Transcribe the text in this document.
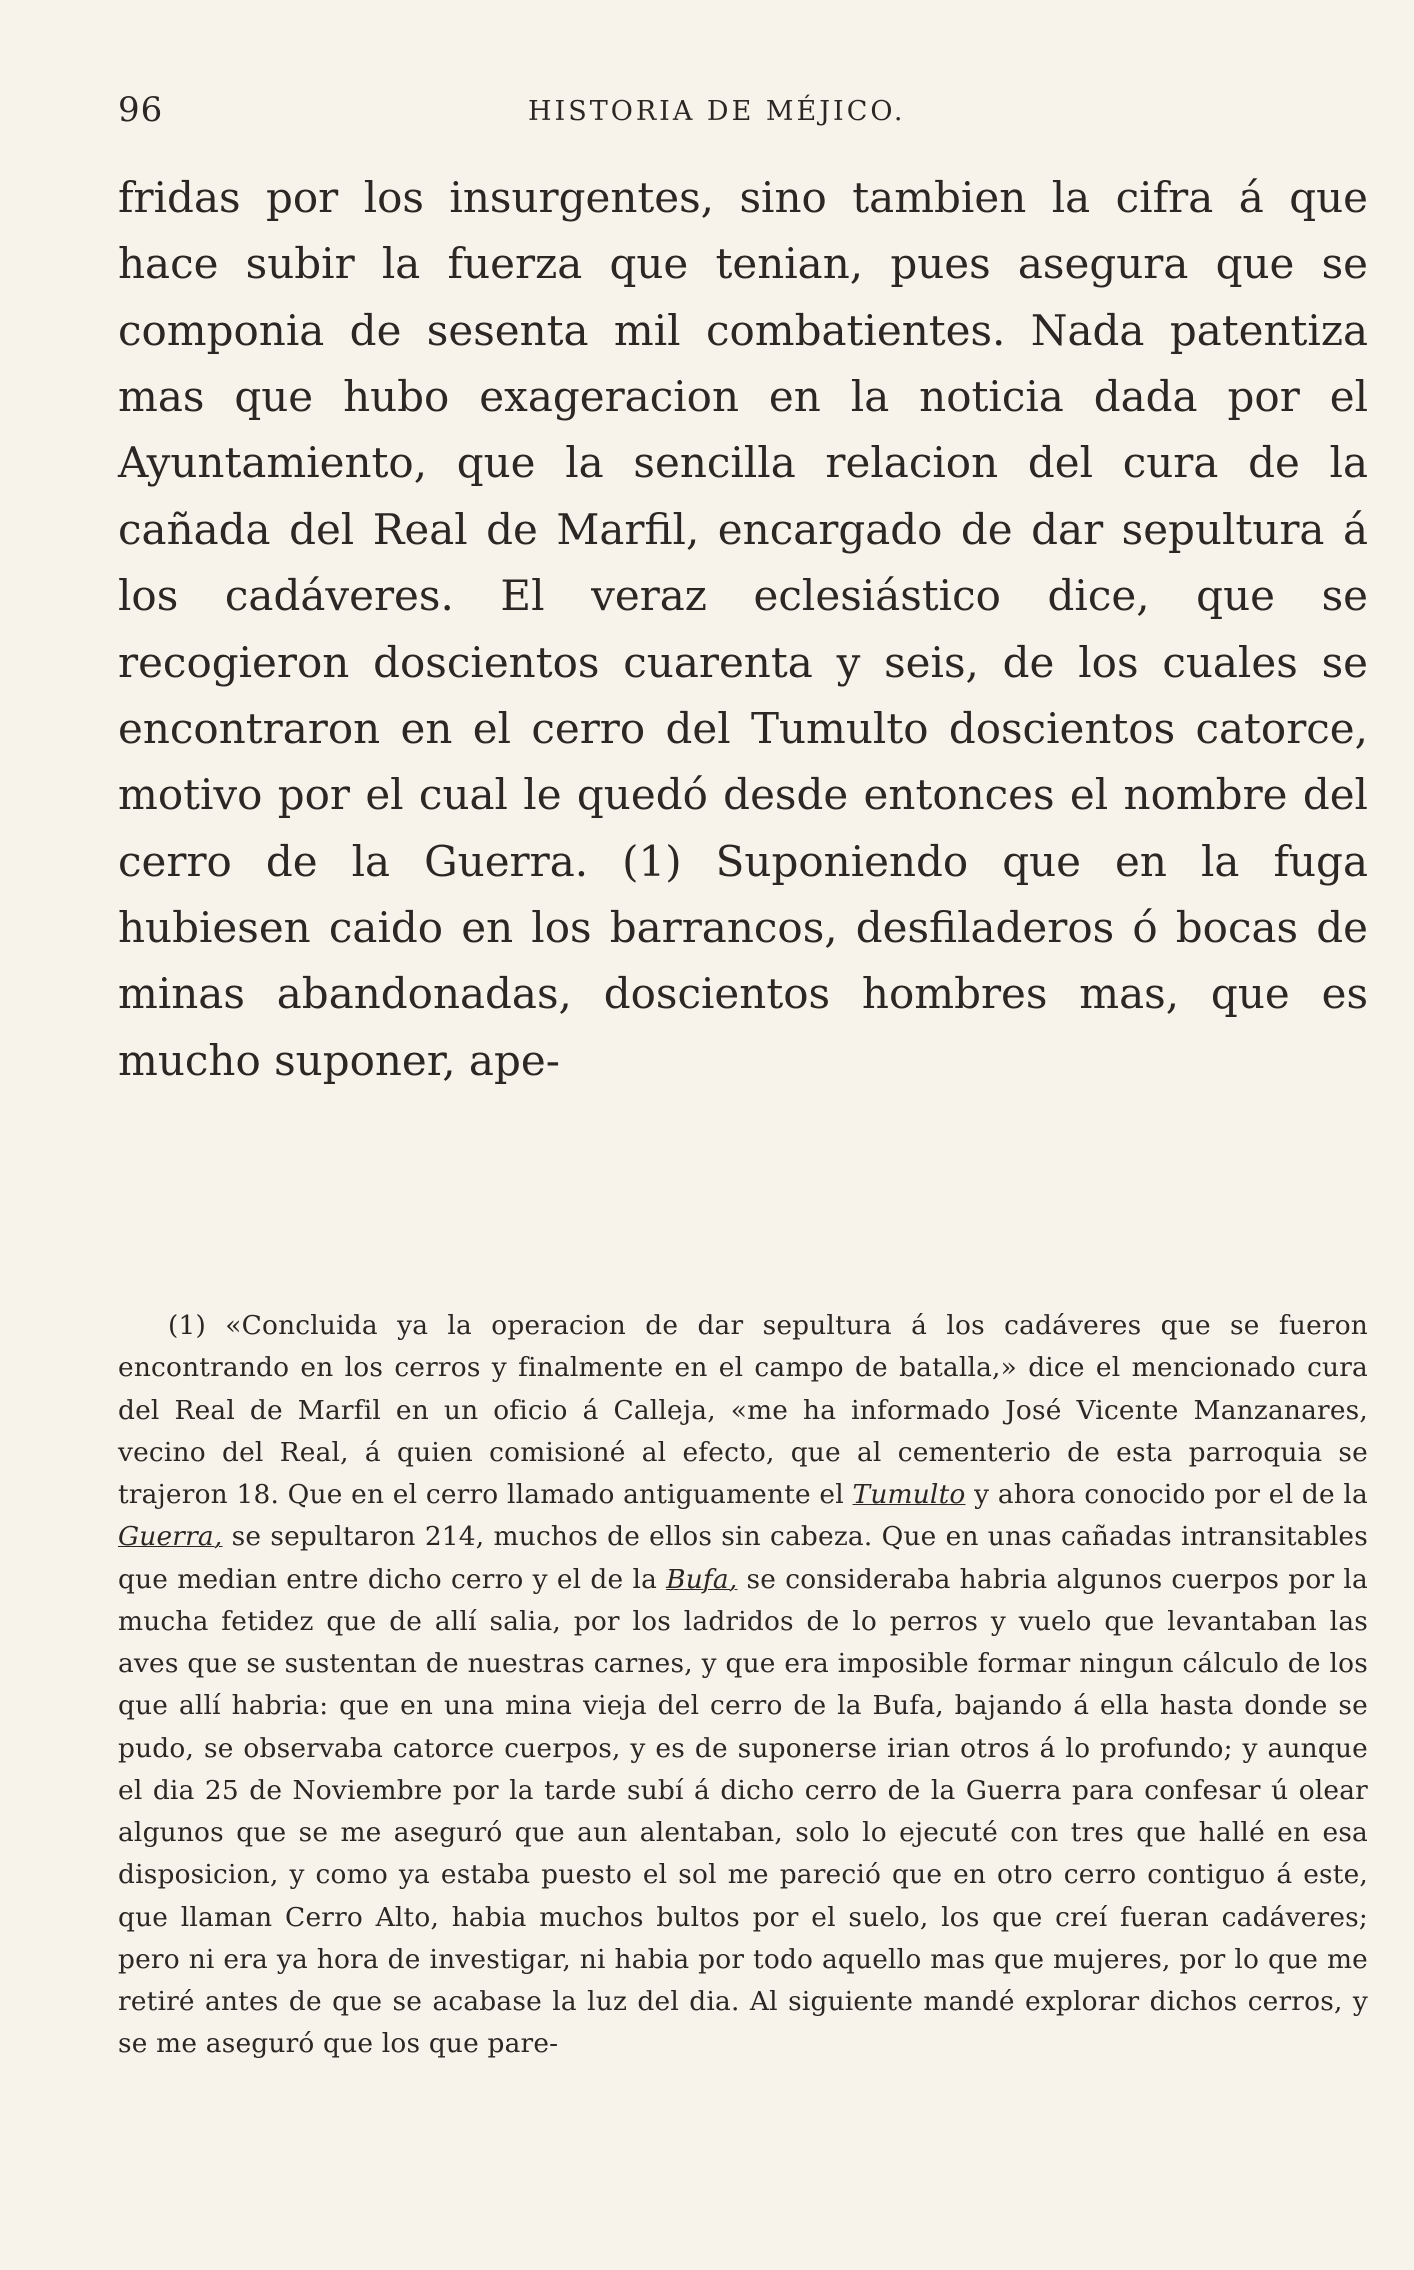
96	HISTORIA DE MÉJICO.

fridas por los insurgentes, sino tambien la cifra á que hace subir la fuerza que tenian, pues asegura que se componia de sesenta mil combatientes. Nada patentiza mas que hubo exageracion en la noticia dada por el Ayuntamiento, que la sencilla relacion del cura de la cañada del Real de Marfil, encargado de dar sepultura á los cadáveres. El veraz eclesiástico dice, que se recogieron doscientos cuarenta y seis, de los cuales se encontraron en el cerro del Tumulto doscientos catorce, motivo por el cual le quedó desde entonces el nombre del cerro de la Guerra. (1) Suponiendo que en la fuga hubiesen caido en los barrancos, desfiladeros ó bocas de minas abandonadas, doscientos hombres mas, que es mucho suponer, ape-

(1) «Concluida ya la operacion de dar sepultura á los cadáveres que se fueron encontrando en los cerros y finalmente en el campo de batalla,» dice el mencionado cura del Real de Marfil en un oficio á Calleja, «me ha informado José Vicente Manzanares, vecino del Real, á quien comisioné al efecto, que al cementerio de esta parroquia se trajeron 18. Que en el cerro llamado antiguamente el Tumulto y ahora conocido por el de la Guerra, se sepultaron 214, muchos de ellos sin cabeza. Que en unas cañadas intransitables que median entre dicho cerro y el de la Bufa, se consideraba habria algunos cuerpos por la mucha fetidez que de allí salia, por los ladridos de lo perros y vuelo que levantaban las aves que se sustentan de nuestras carnes, y que era imposible formar ningun cálculo de los que allí habria: que en una mina vieja del cerro de la Bufa, bajando á ella hasta donde se pudo, se observaba catorce cuerpos, y es de suponerse irian otros á lo profundo; y aunque el dia 25 de Noviembre por la tarde subí á dicho cerro de la Guerra para confesar ú olear algunos que se me aseguró que aun alentaban, solo lo ejecuté con tres que hallé en esa disposicion, y como ya estaba puesto el sol me pareció que en otro cerro contiguo á este, que llaman Cerro Alto, habia muchos bultos por el suelo, los que creí fueran cadáveres; pero ni era ya hora de investigar, ni habia por todo aquello mas que mujeres, por lo que me retiré antes de que se acabase la luz del dia. Al siguiente mandé explorar dichos cerros, y se me aseguró que los que pare-
